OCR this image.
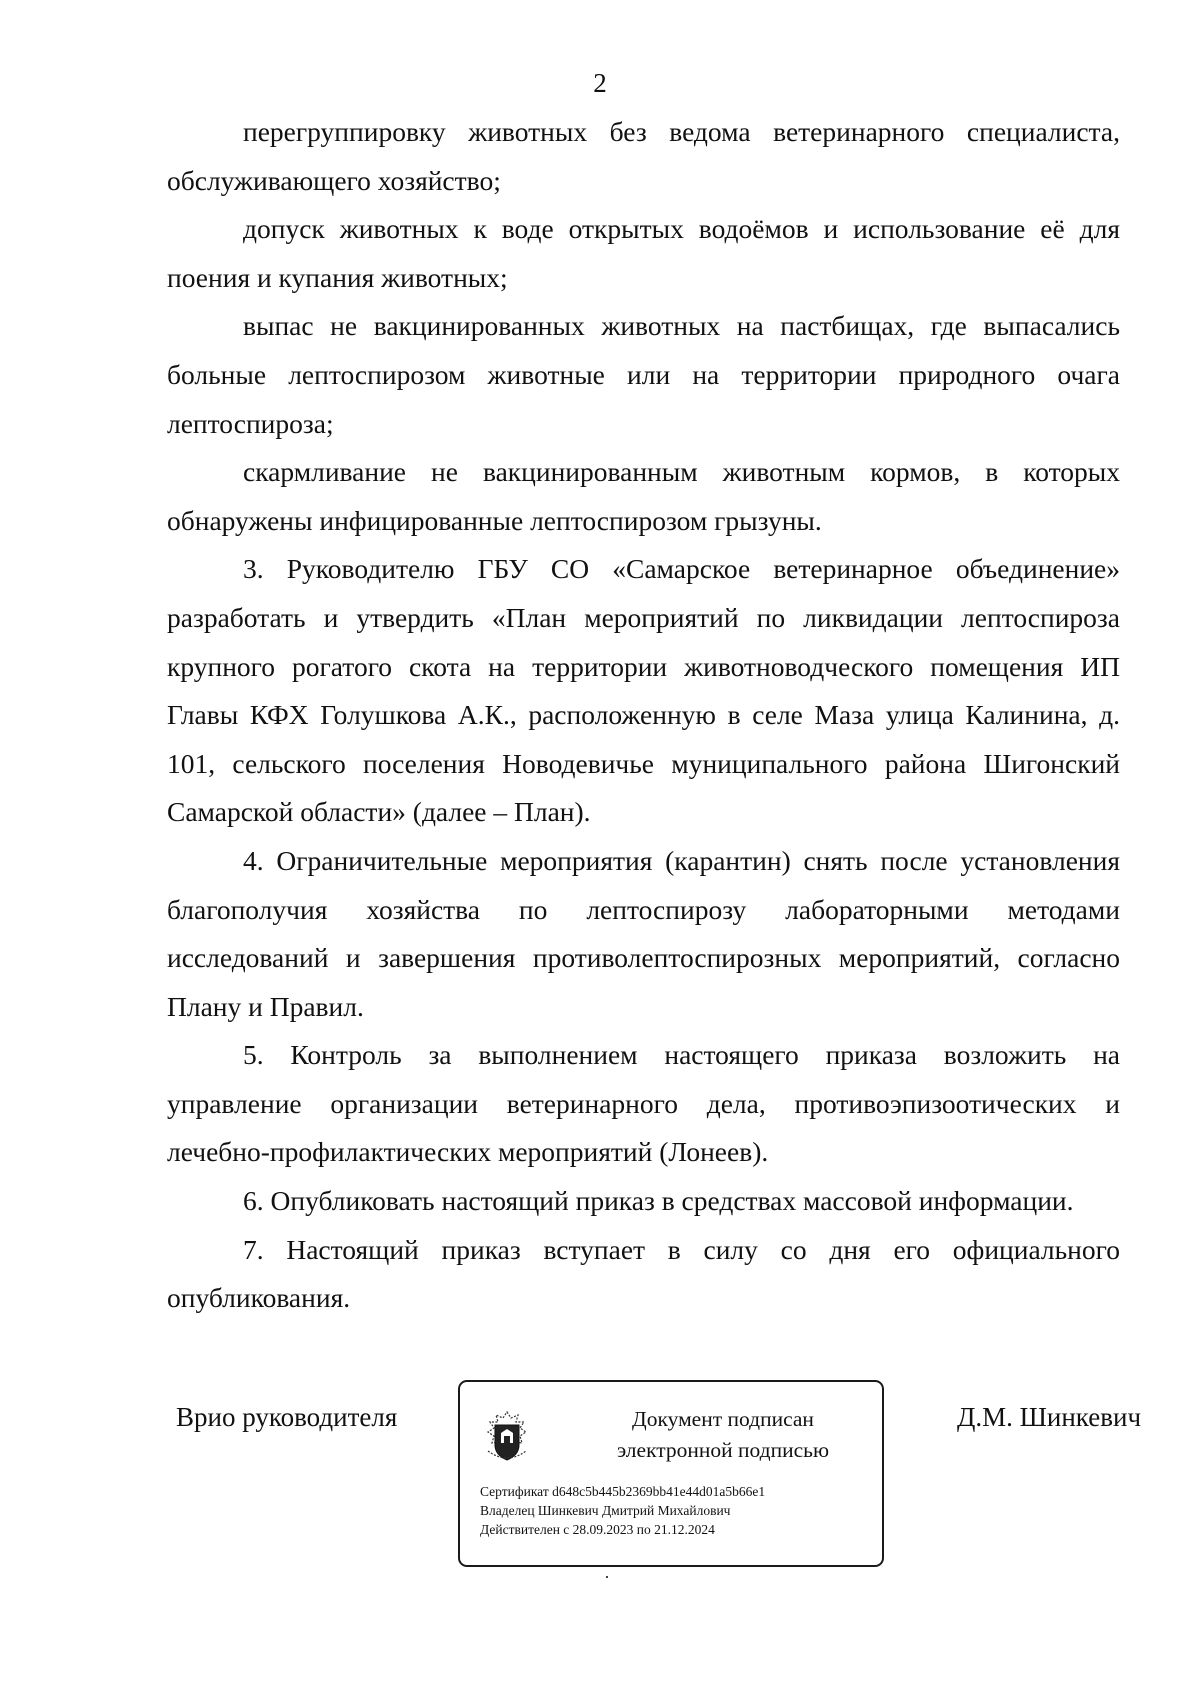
2

перегруппировку животных без ведома ветеринарного специалиста, обслуживающего хозяйство;

допуск животных к воде открытых водоёмов и использование её для поения и купания животных;

выпас не вакцинированных животных на пастбищах, где выпасались больные лептоспирозом животные или на территории природного очага лептоспироза;

скармливание не вакцинированным животным кормов, в которых обнаружены инфицированные лептоспирозом грызуны.

3. Руководителю ГБУ СО «Самарское ветеринарное объединение» разработать и утвердить «План мероприятий по ликвидации лептоспироза крупного рогатого скота на территории животноводческого помещения ИП Главы КФХ Голушкова А.К., расположенную в селе Маза улица Калинина, д. 101, сельского поселения Новодевичье муниципального района Шигонский Самарской области» (далее – План).

4. Ограничительные мероприятия (карантин) снять после установления благополучия хозяйства по лептоспирозу лабораторными методами исследований и завершения противолептоспирозных мероприятий, согласно Плану и Правил.

5. Контроль за выполнением настоящего приказа возложить на управление организации ветеринарного дела, противоэпизоотических и лечебно-профилактических мероприятий (Лонеев).

6. Опубликовать настоящий приказ в средствах массовой информации.

7. Настоящий приказ вступает в силу со дня его официального опубликования.

Врио руководителя	Документ подписан
электронной подписью
Сертификат d648c5b445b2369bb41e44d01a5b66e1
Владелец Шинкевич Дмитрий Михайлович
Действителен с 28.09.2023 по 21.12.2024
Д.М. Шинкевич
